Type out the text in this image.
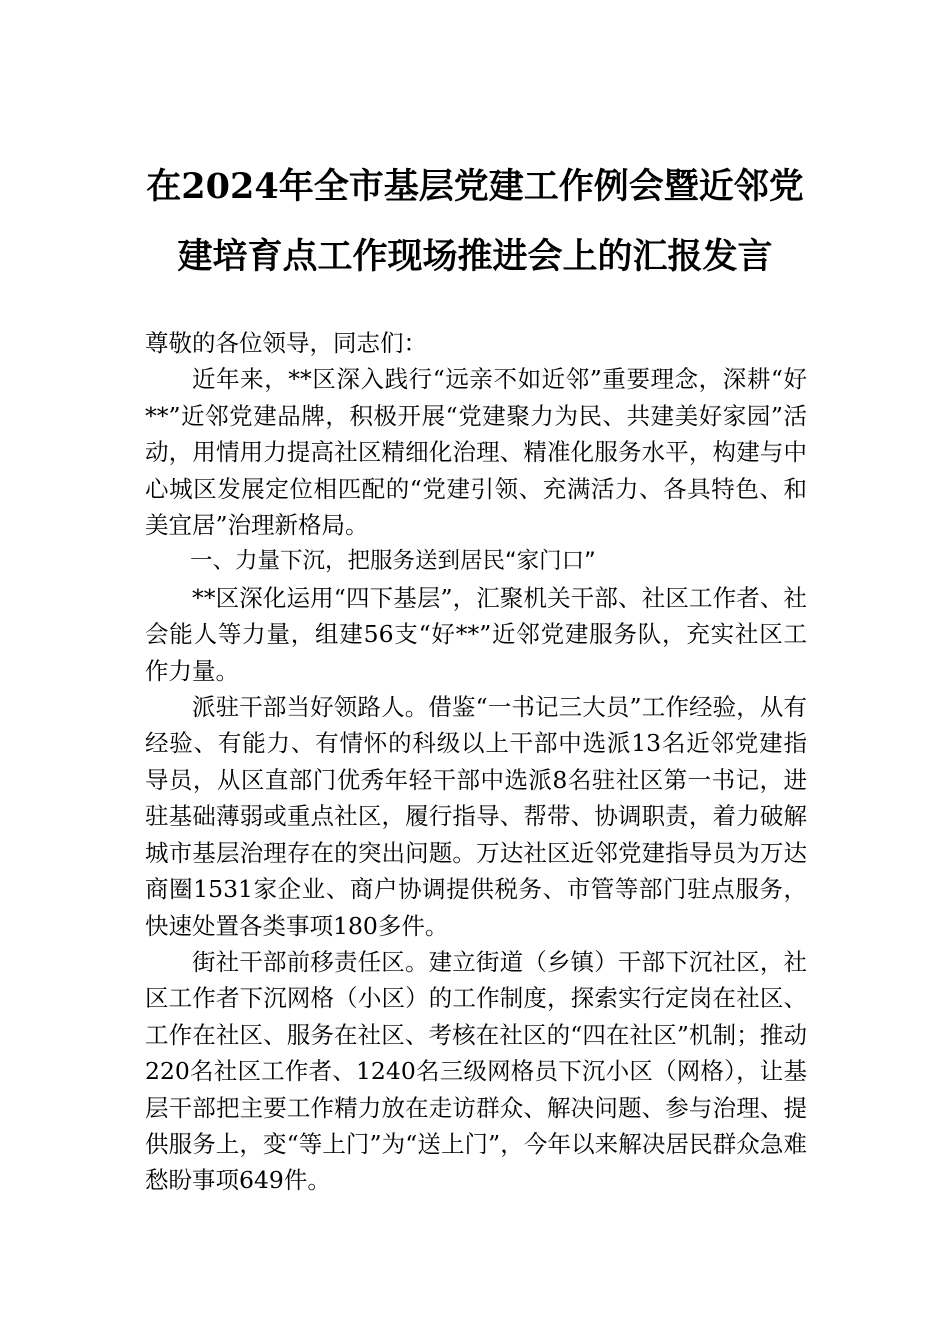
在2024年全市基层党建工作例会暨近邻党
建培育点工作现场推进会上的汇报发言

尊敬的各位领导，同志们：

近年来，**区深入践行“远亲不如近邻”重要理念，深耕“好**”近邻党建品牌，积极开展“党建聚力为民、共建美好家园”活动，用情用力提高社区精细化治理、精准化服务水平，构建与中心城区发展定位相匹配的“党建引领、充满活力、各具特色、和美宜居”治理新格局。

一、力量下沉，把服务送到居民“家门口”

**区深化运用“四下基层”，汇聚机关干部、社区工作者、社会能人等力量，组建56支“好**”近邻党建服务队，充实社区工作力量。

派驻干部当好领路人。借鉴“一书记三大员”工作经验，从有经验、有能力、有情怀的科级以上干部中选派13名近邻党建指导员，从区直部门优秀年轻干部中选派8名驻社区第一书记，进驻基础薄弱或重点社区，履行指导、帮带、协调职责，着力破解城市基层治理存在的突出问题。万达社区近邻党建指导员为万达商圈1531家企业、商户协调提供税务、市管等部门驻点服务，快速处置各类事项180多件。

街社干部前移责任区。建立街道（乡镇）干部下沉社区，社区工作者下沉网格（小区）的工作制度，探索实行定岗在社区、工作在社区、服务在社区、考核在社区的“四在社区”机制；推动220名社区工作者、1240名三级网格员下沉小区（网格），让基层干部把主要工作精力放在走访群众、解决问题、参与治理、提供服务上，变“等上门”为“送上门”，今年以来解决居民群众急难愁盼事项649件。
